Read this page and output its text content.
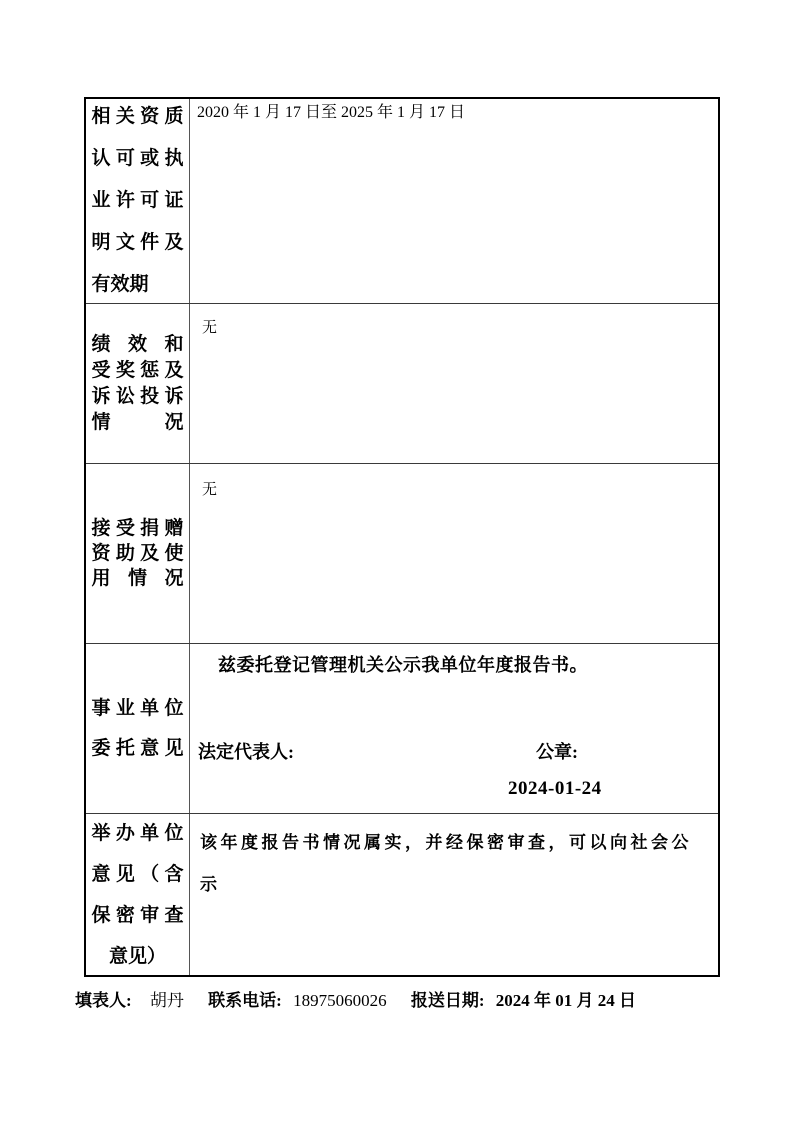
相关资质
认可或执
业许可证
明文件及
有效期
2020 年 1 月 17 日至 2025 年 1 月 17 日
绩效和
受奖惩及
诉讼投诉
情况
无
接受捐赠
资助及使
用情况
无
事业单位
委托意见
兹委托登记管理机关公示我单位年度报告书。
法定代表人:	公章:
2024-01-24
举办单位
意见（含
保密审查
意见）
该年度报告书情况属实，并经保密审查，可以向社会公示
填表人: 胡丹 联系电话: 18975060026 报送日期: 2024 年 01 月 24 日
